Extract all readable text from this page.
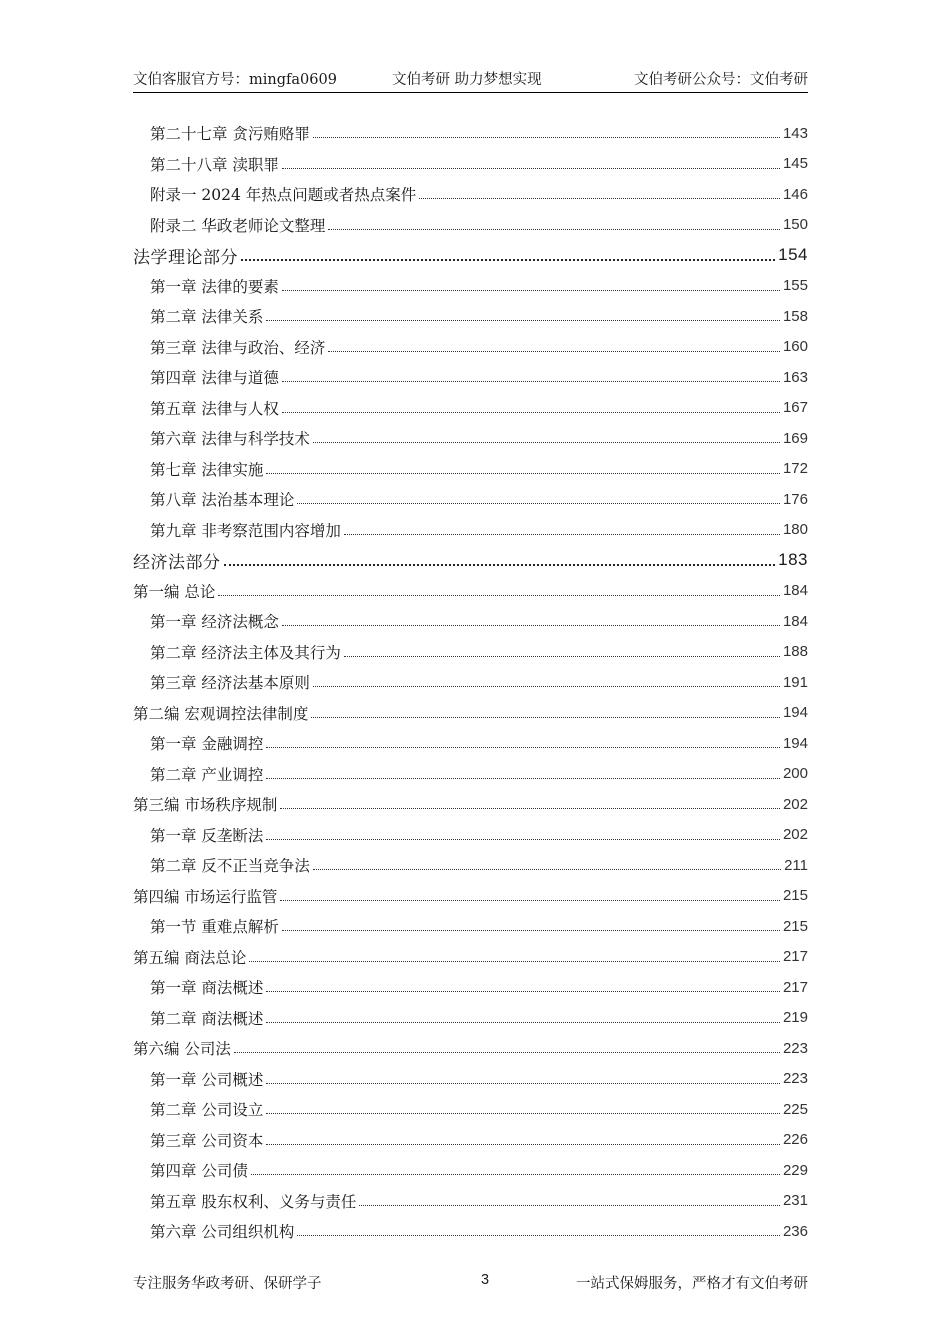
文伯客服官方号：mingfa0609	文伯考研 助力梦想实现	文伯考研公众号：文伯考研
第二十七章 贪污贿赂罪	143
第二十八章 渎职罪	145
附录一 2024 年热点问题或者热点案件	146
附录二 华政老师论文整理	150
法学理论部分	154
第一章 法律的要素	155
第二章 法律关系	158
第三章 法律与政治、经济	160
第四章 法律与道德	163
第五章 法律与人权	167
第六章 法律与科学技术	169
第七章 法律实施	172
第八章 法治基本理论	176
第九章 非考察范围内容增加	180
经济法部分	183
第一编 总论	184
第一章 经济法概念	184
第二章 经济法主体及其行为	188
第三章 经济法基本原则	191
第二编 宏观调控法律制度	194
第一章 金融调控	194
第二章 产业调控	200
第三编 市场秩序规制	202
第一章 反垄断法	202
第二章 反不正当竞争法	211
第四编 市场运行监管	215
第一节 重难点解析	215
第五编 商法总论	217
第一章 商法概述	217
第二章 商法概述	219
第六编 公司法	223
第一章 公司概述	223
第二章 公司设立	225
第三章 公司资本	226
第四章 公司债	229
第五章 股东权利、义务与责任	231
第六章 公司组织机构	236
专注服务华政考研、保研学子	3	一站式保姆服务，严格才有文伯考研
